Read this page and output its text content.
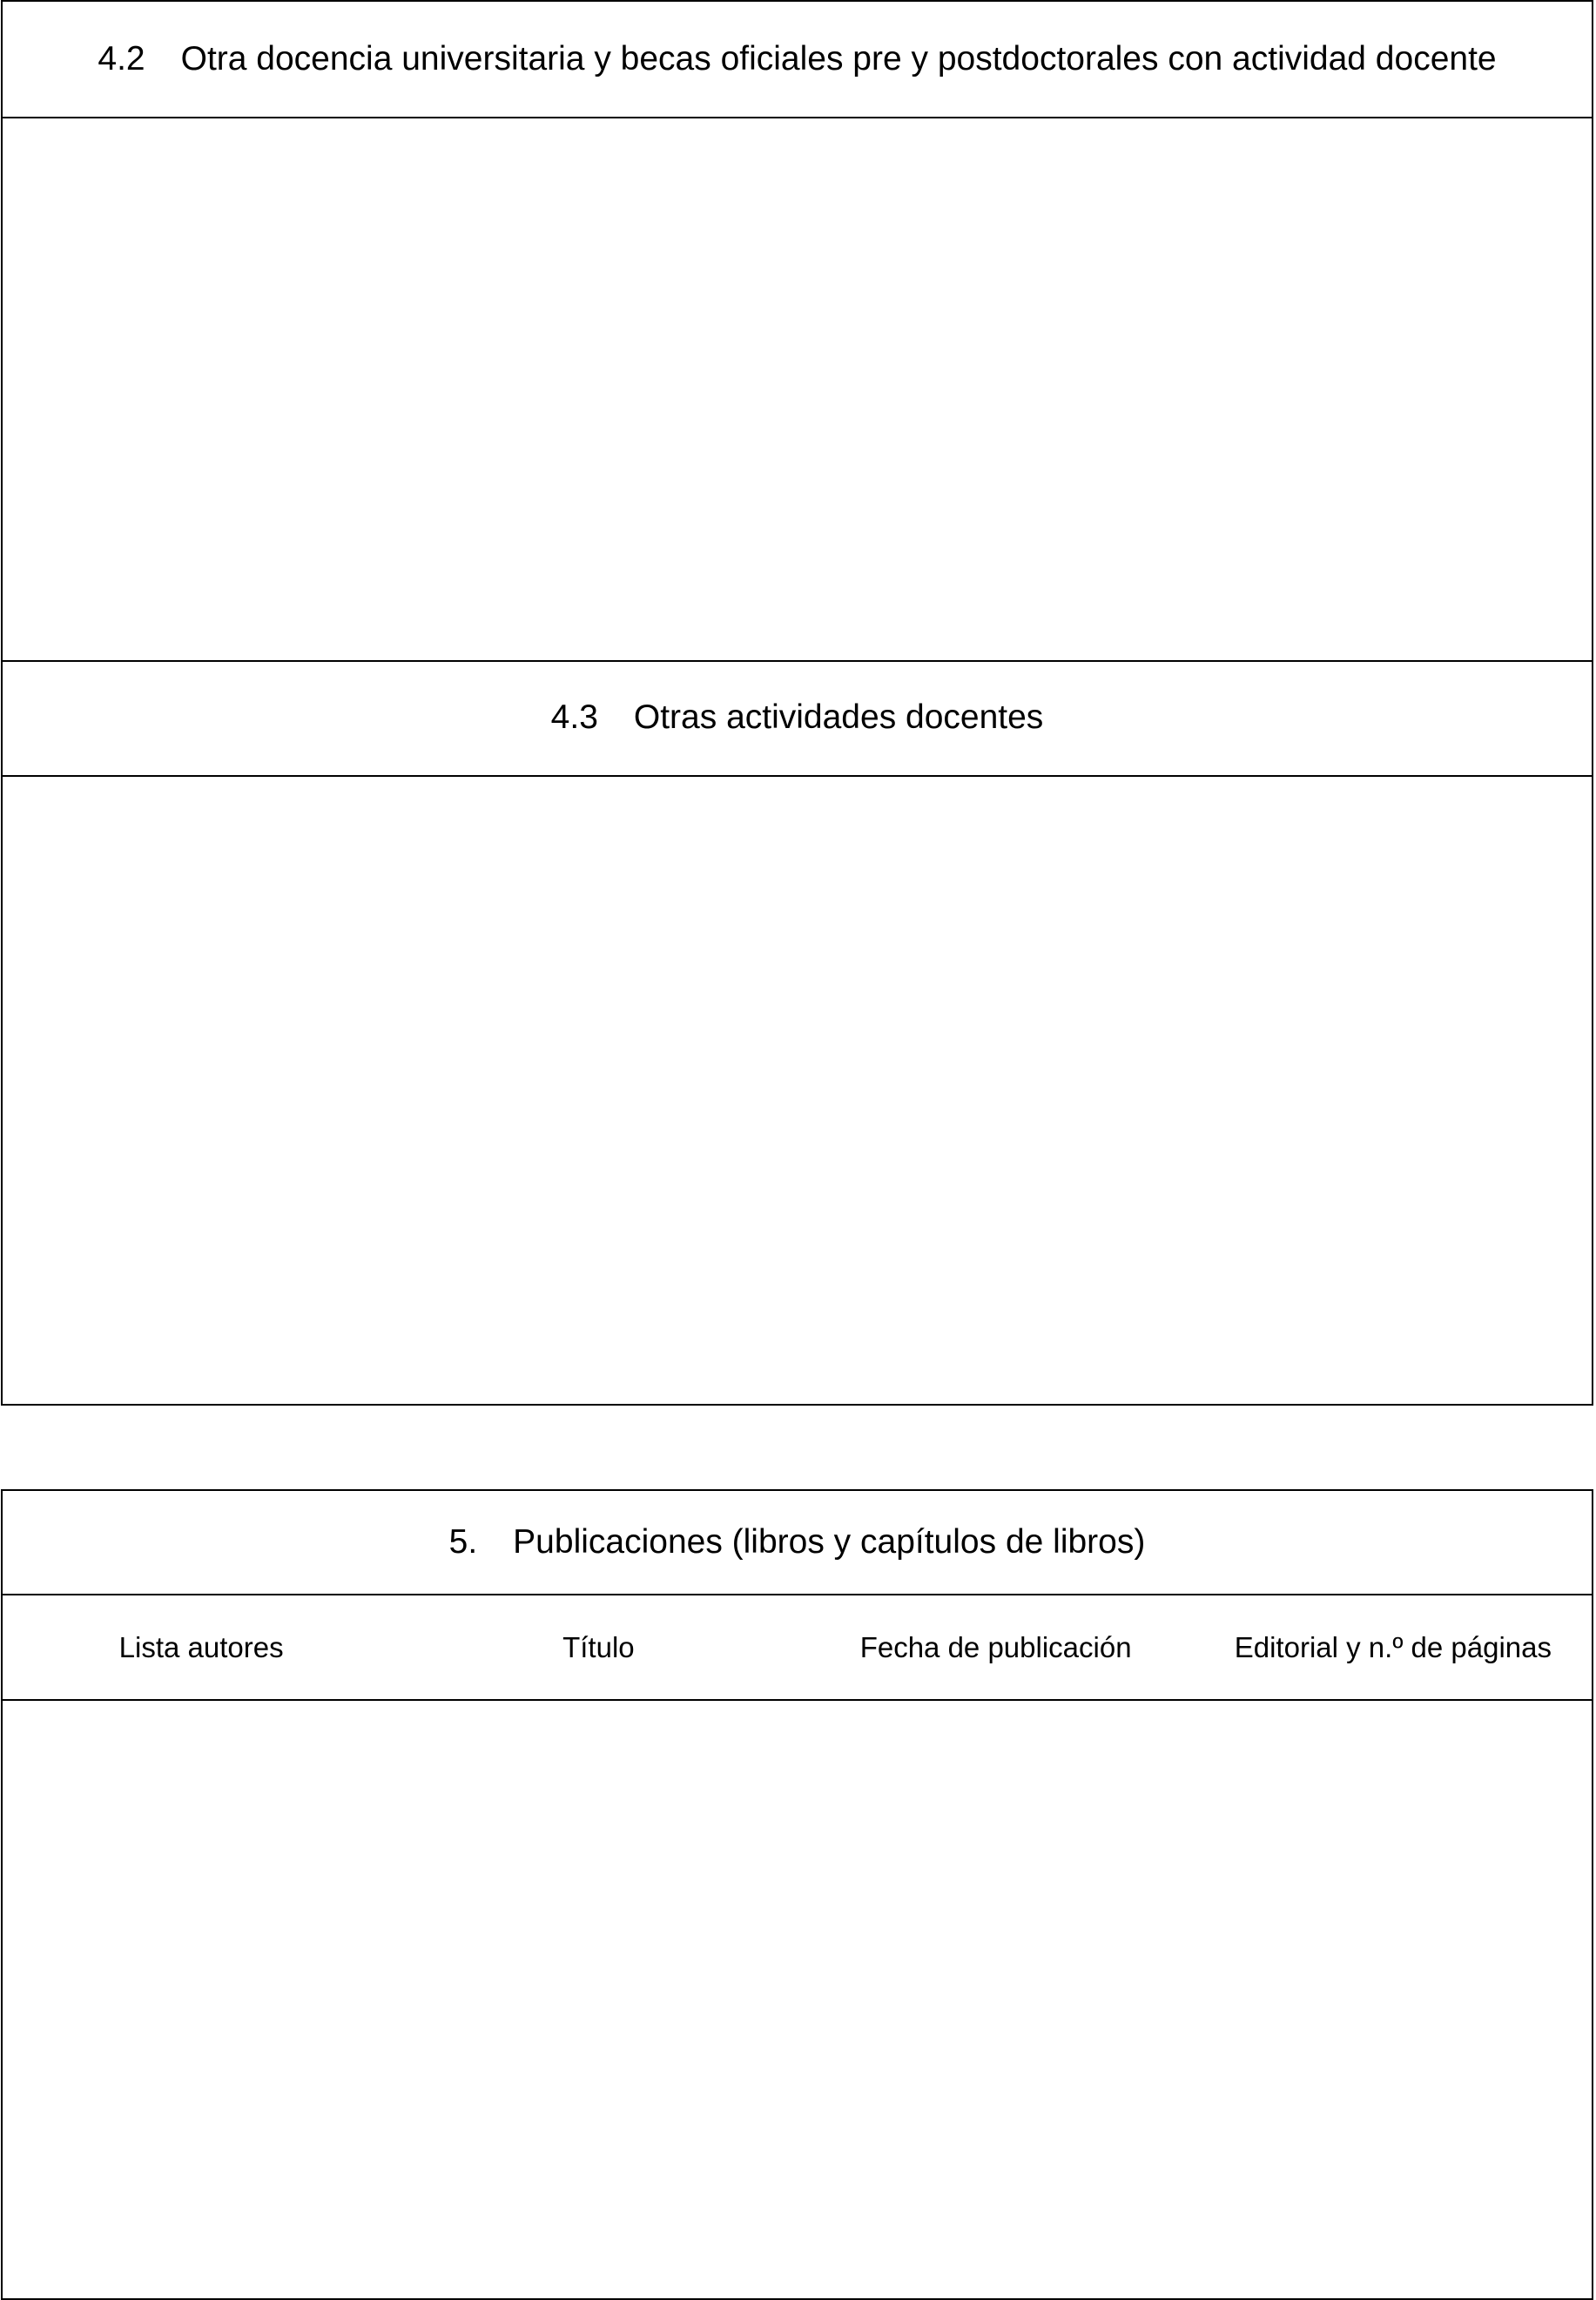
4.2 Otra docencia universitaria y becas oficiales pre y postdoctorales con actividad docente
4.3 Otras actividades docentes
5. Publicaciones (libros y capítulos de libros)
Lista autores	Título	Fecha de publicación	Editorial y n.º de páginas
